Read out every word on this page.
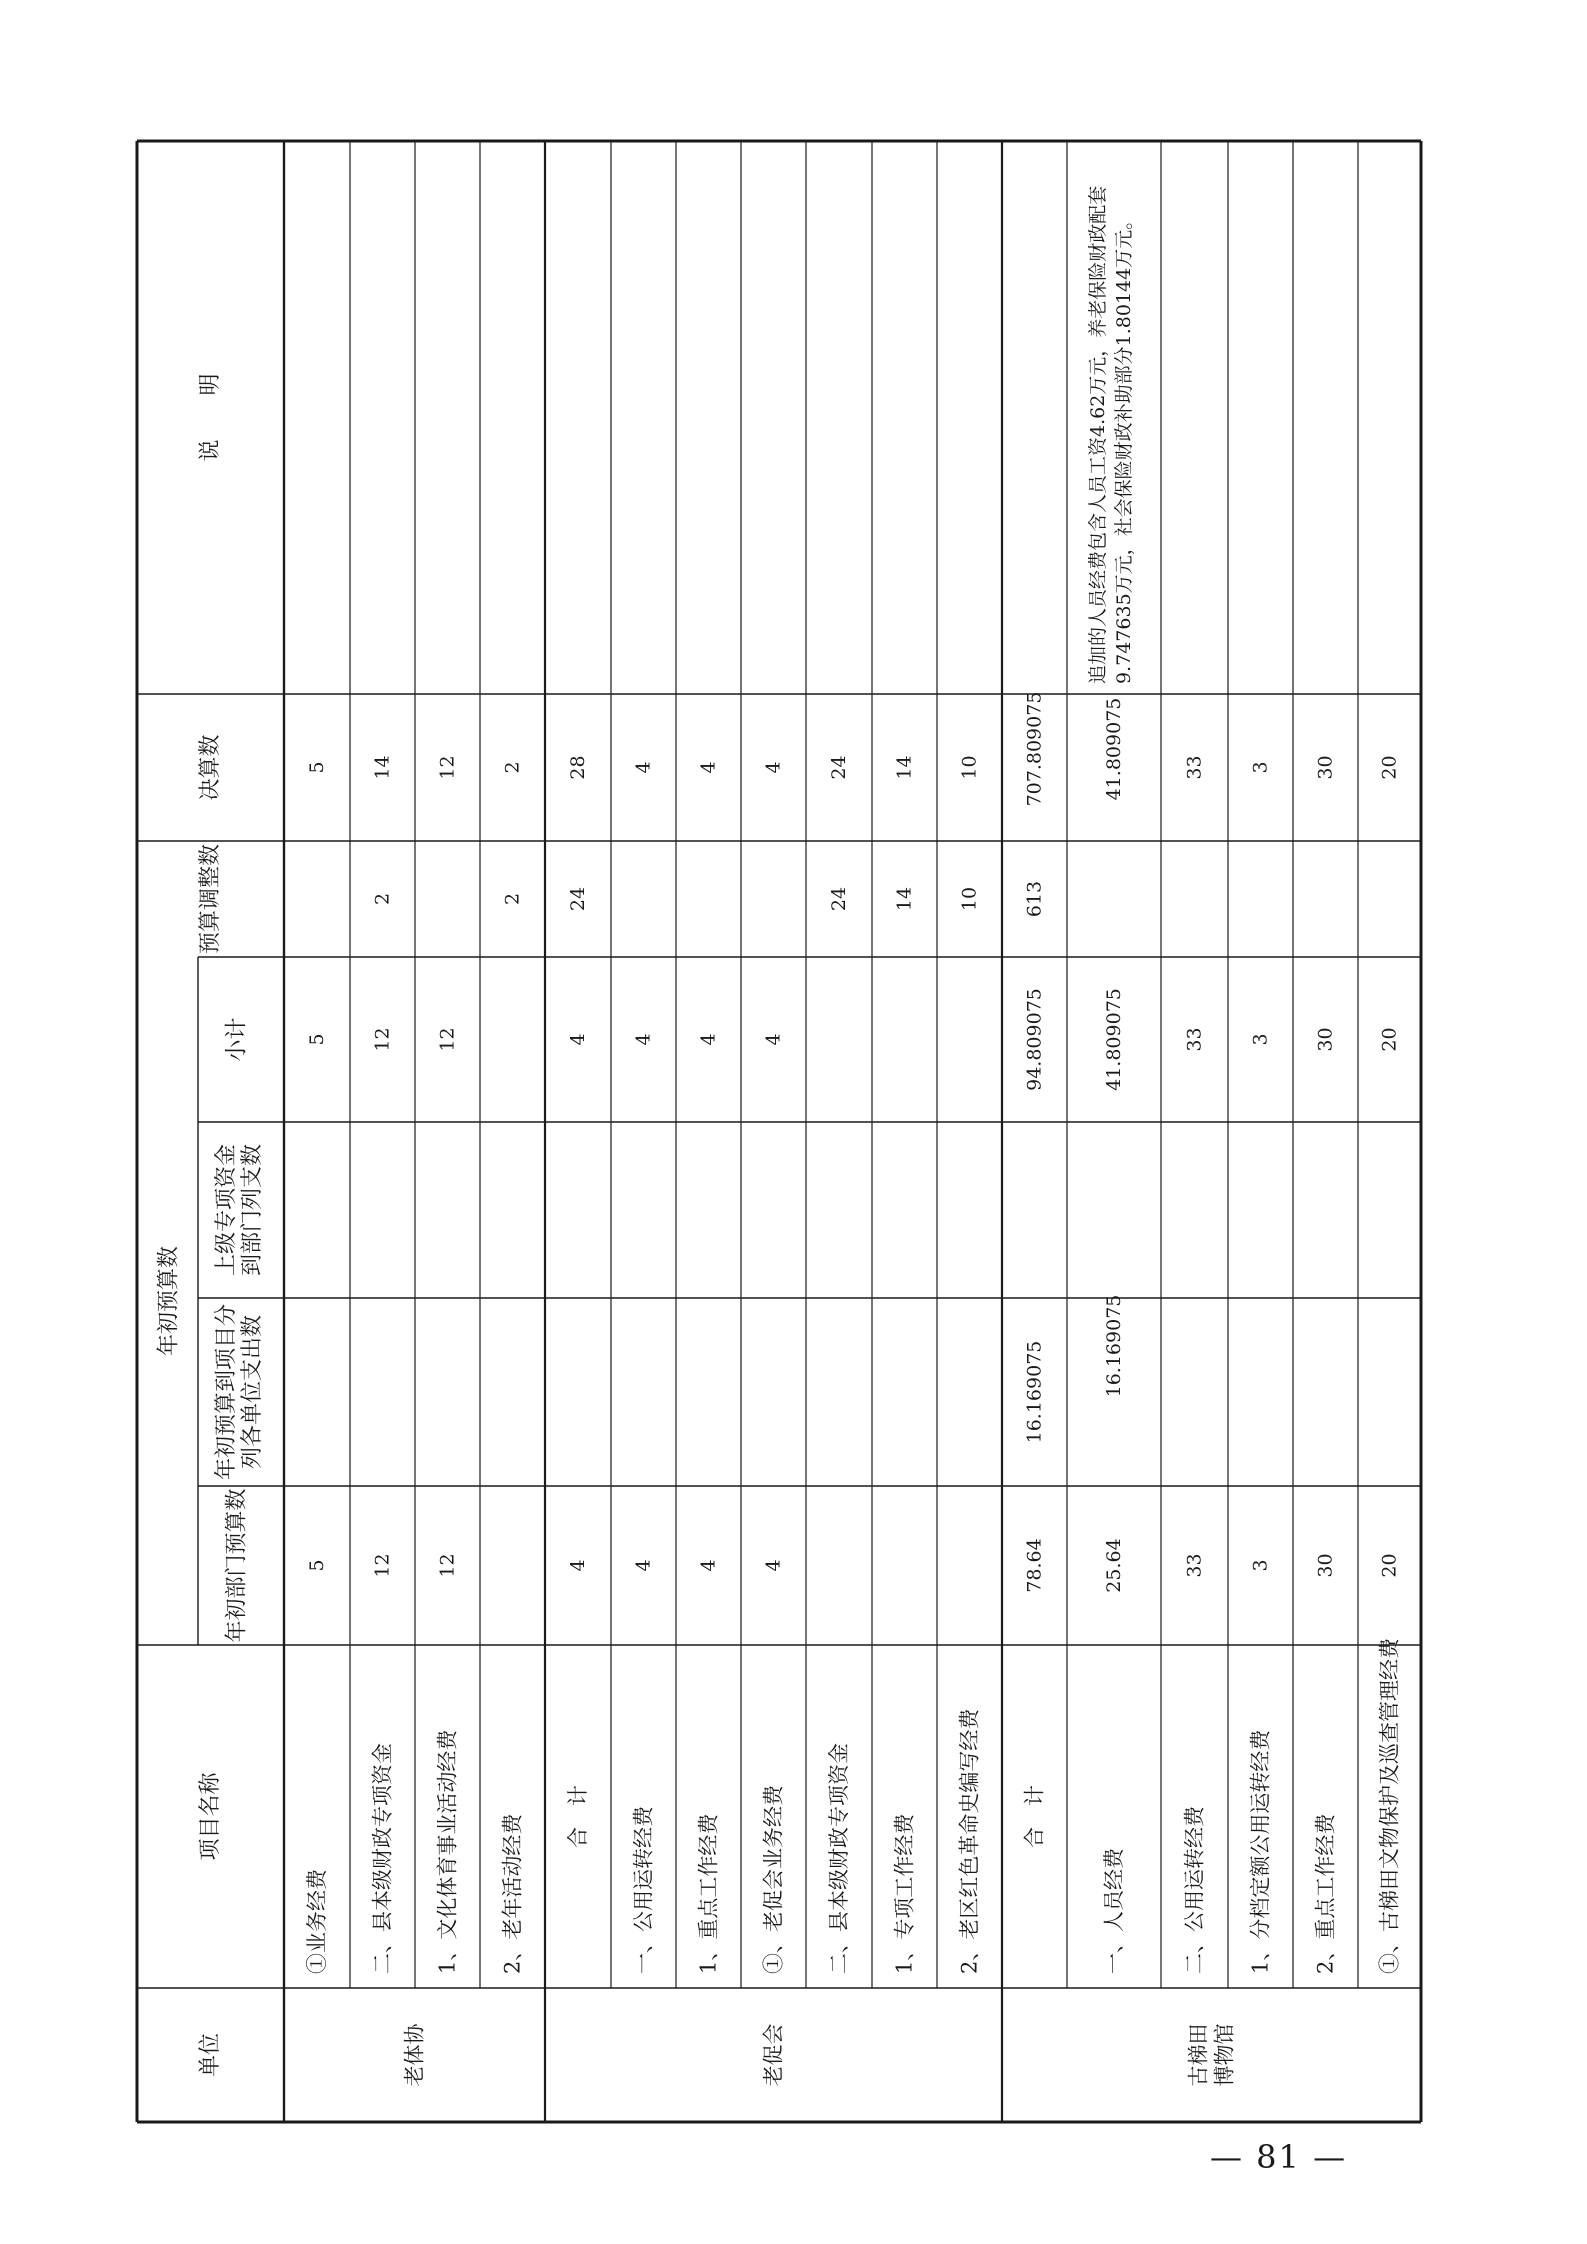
单位
项目名称
年初预算数
年初部门预算数
小计
预算调整数
决算数
说　　明
年初预算到项目分列各单位支出数
上级专项资金到部门列支数
老体协	老促会	古梯田博物馆
①业务经费
5
5
5
二、县本级财政专项资金
12
12
2
14
1、文化体育事业活动经费
12
12
12
2、老年活动经费
2
2
合　计
4
4
24
28
一、公用运转经费
4
4
4
1、重点工作经费
4
4
4
①、老促会业务经费
4
4
4
二、县本级财政专项资金
24
24
1、专项工作经费
14
14
2、老区红色革命史编写经费
10
10
合　计
78.64
16.169075
94.809075
613
707.809075
一、人员经费
25.64
16.169075
41.809075
41.809075
追加的人员经费包含人员工资4.62万元，养老保险财政配套 9.747635万元，社会保险财政补助部分1.80144万元。
二、公用运转经费
33
33
33
1、分档定额公用运转经费
3
3
3
2、重点工作经费
30
30
30
①、古梯田文物保护及巡查管理经费
20
20
20
— 81 —
